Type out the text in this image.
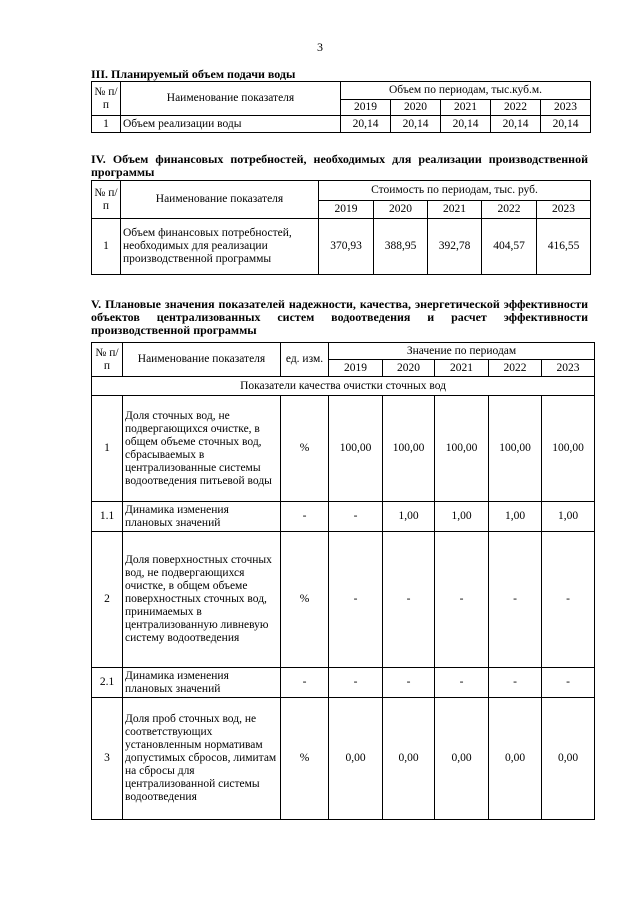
3
III. Планируемый объем подачи воды
№ п/п	Наименование показателя	Объем по периодам, тыс.куб.м.				
		2019	2020	2021	2022	2023
1	Объем реализации воды	20,14	20,14	20,14	20,14	20,14
IV. Объем финансовых потребностей, необходимых для реализации производственной программы
№ п/п	Наименование показателя	Стоимость по периодам, тыс. руб.				
		2019	2020	2021	2022	2023
1	Объем финансовых потребностей, необходимых для реализации производственной программы	370,93	388,95	392,78	404,57	416,55
V. Плановые значения показателей надежности, качества, энергетической эффективности объектов централизованных систем водоотведения и расчет эффективности производственной программы
№ п/п	Наименование показателя	ед. изм.	Значение по периодам				
			2019	2020	2021	2022	2023
Показатели качества очистки сточных вод							
1	Доля сточных вод, не подвергающихся очистке, в общем объеме сточных вод, сбрасываемых в централизованные системы водоотведения питьевой воды	%	100,00	100,00	100,00	100,00	100,00
1.1	Динамика изменения плановых значений	-	-	1,00	1,00	1,00	1,00
2	Доля поверхностных сточных вод, не подвергающихся очистке, в общем объеме поверхностных сточных вод, принимаемых в централизованную ливневую систему водоотведения	%	-	-	-	-	-
2.1	Динамика изменения плановых значений	-	-	-	-	-	-
3	Доля проб сточных вод, не соответствующих установленным нормативам допустимых сбросов, лимитам на сбросы для централизованной системы водоотведения	%	0,00	0,00	0,00	0,00	0,00
